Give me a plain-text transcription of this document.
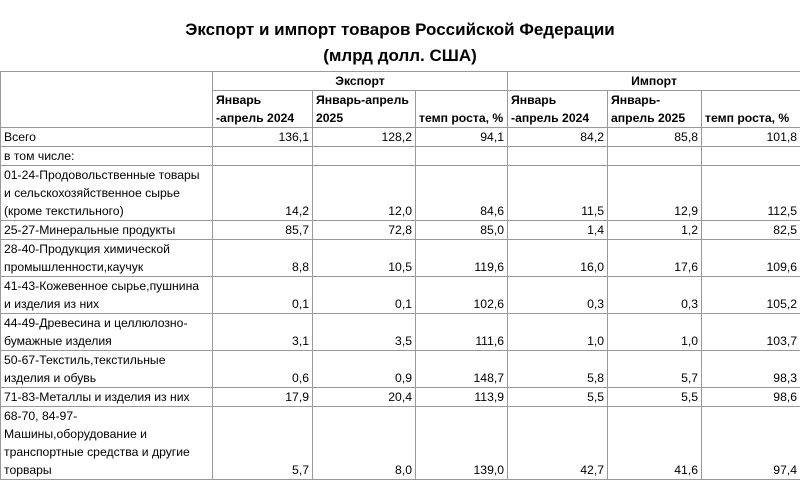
Экспорт и импорт товаров Российской Федерации
(млрд долл. США)
	Экспорт			Импорт		
	Январь -апрель 2024	Январь-апрель 2025	темп роста, %	Январь -апрель 2024	Январь-апрель 2025	темп роста, %
Всего	136,1	128,2	94,1	84,2	85,8	101,8
в том числе:						
01-24-Продовольственные товары и сельскохозяйственное сырье (кроме текстильного)	14,2	12,0	84,6	11,5	12,9	112,5
25-27-Минеральные продукты	85,7	72,8	85,0	1,4	1,2	82,5
28-40-Продукция химической промышленности,каучук	8,8	10,5	119,6	16,0	17,6	109,6
41-43-Кожевенное сырье,пушнина и изделия из них	0,1	0,1	102,6	0,3	0,3	105,2
44-49-Древесина и целлюлозно-бумажные изделия	3,1	3,5	111,6	1,0	1,0	103,7
50-67-Текстиль,текстильные изделия и обувь	0,6	0,9	148,7	5,8	5,7	98,3
71-83-Металлы и изделия из них	17,9	20,4	113,9	5,5	5,5	98,6
68-70, 84-97-Машины,оборудование и транспортные средства и другие торвары	5,7	8,0	139,0	42,7	41,6	97,4
